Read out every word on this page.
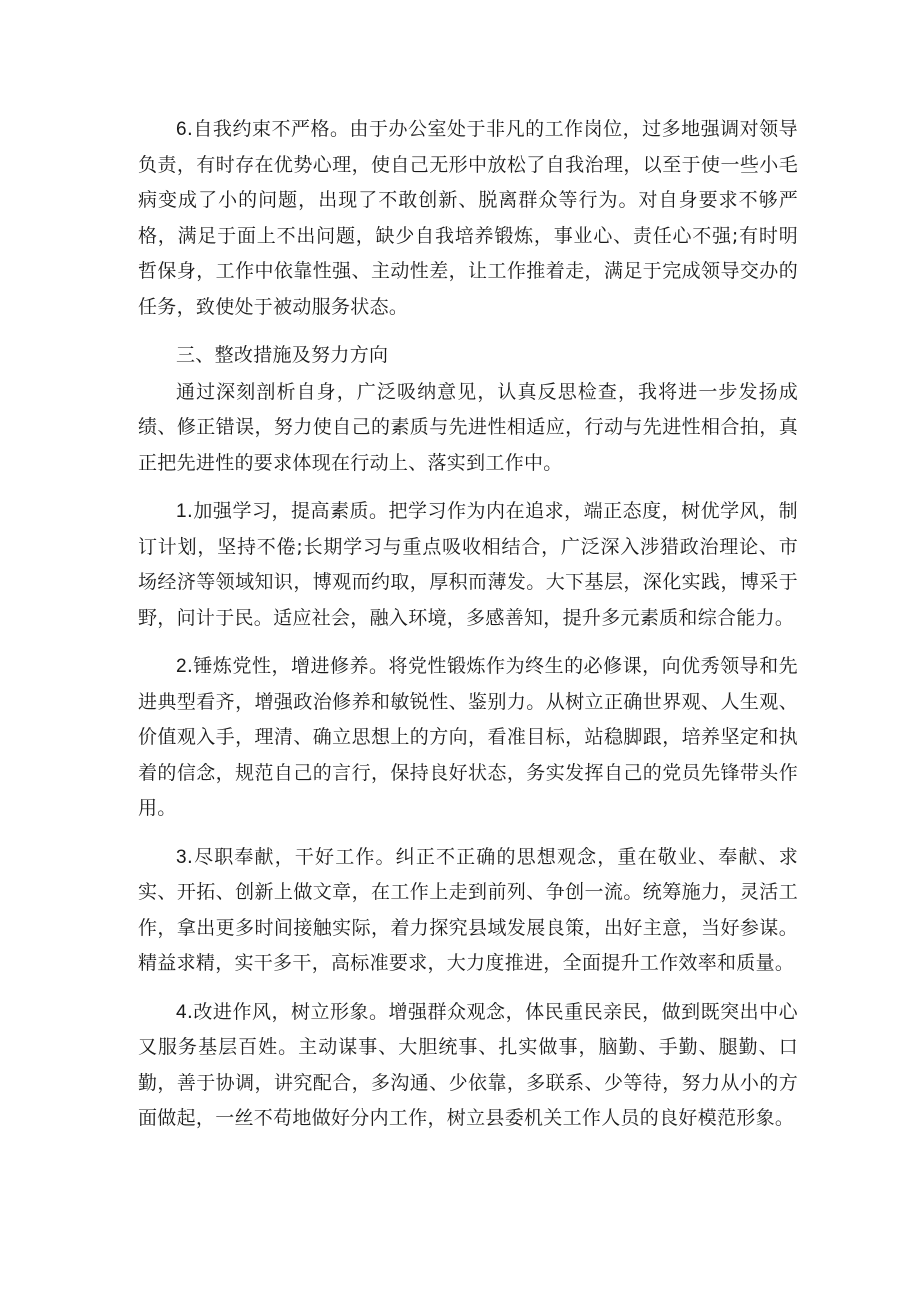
6.自我约束不严格。由于办公室处于非凡的工作岗位，过多地强调对领导负责，有时存在优势心理，使自己无形中放松了自我治理，以至于使一些小毛病变成了小的问题，出现了不敢创新、脱离群众等行为。对自身要求不够严格，满足于面上不出问题，缺少自我培养锻炼，事业心、责任心不强;有时明哲保身，工作中依靠性强、主动性差，让工作推着走，满足于完成领导交办的任务，致使处于被动服务状态。

三、整改措施及努力方向

通过深刻剖析自身，广泛吸纳意见，认真反思检查，我将进一步发扬成绩、修正错误，努力使自己的素质与先进性相适应，行动与先进性相合拍，真正把先进性的要求体现在行动上、落实到工作中。

1.加强学习，提高素质。把学习作为内在追求，端正态度，树优学风，制订计划，坚持不倦;长期学习与重点吸收相结合，广泛深入涉猎政治理论、市场经济等领域知识，博观而约取，厚积而薄发。大下基层，深化实践，博采于野，问计于民。适应社会，融入环境，多感善知，提升多元素质和综合能力。

2.锤炼党性，增进修养。将党性锻炼作为终生的必修课，向优秀领导和先进典型看齐，增强政治修养和敏锐性、鉴别力。从树立正确世界观、人生观、价值观入手，理清、确立思想上的方向，看准目标，站稳脚跟，培养坚定和执着的信念，规范自己的言行，保持良好状态，务实发挥自己的党员先锋带头作用。

3.尽职奉献，干好工作。纠正不正确的思想观念，重在敬业、奉献、求实、开拓、创新上做文章，在工作上走到前列、争创一流。统筹施力，灵活工作，拿出更多时间接触实际，着力探究县域发展良策，出好主意，当好参谋。精益求精，实干多干，高标准要求，大力度推进，全面提升工作效率和质量。

4.改进作风，树立形象。增强群众观念，体民重民亲民，做到既突出中心又服务基层百姓。主动谋事、大胆统事、扎实做事，脑勤、手勤、腿勤、口勤，善于协调，讲究配合，多沟通、少依靠，多联系、少等待，努力从小的方面做起，一丝不苟地做好分内工作，树立县委机关工作人员的良好模范形象。
